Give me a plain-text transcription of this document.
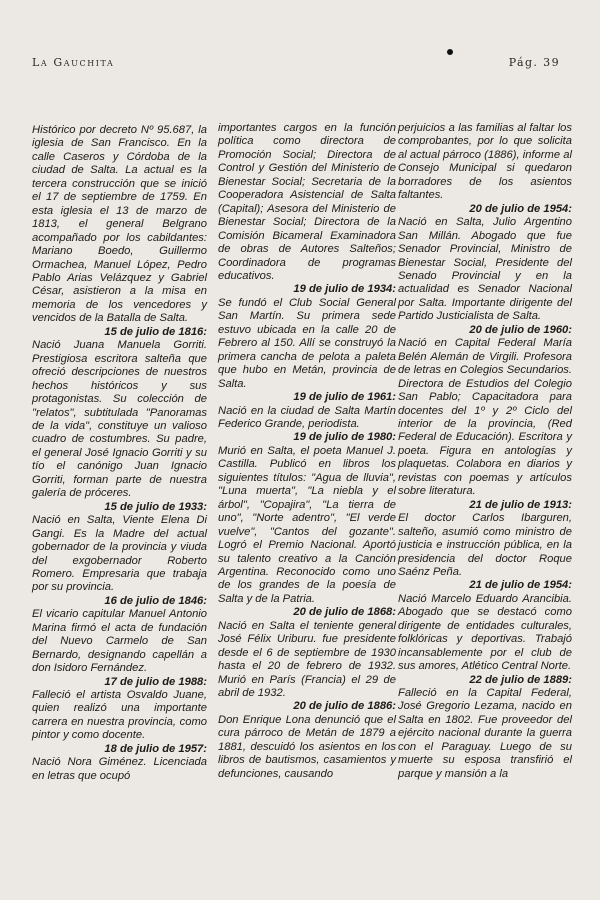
La Gauchita	Pág. 39

Histórico por decreto Nº 95.687, la iglesia de San Francisco. En la calle Caseros y Córdoba de la ciudad de Salta. La actual es la tercera construcción que se inició el 17 de septiembre de 1759. En esta iglesia el 13 de marzo de 1813, el general Belgrano acompañado por los cabildantes: Mariano Boedo, Guillermo Ormachea, Manuel López, Pedro Pablo Arias Velázquez y Gabriel César, asistieron a la misa en memoria de los vencedores y vencidos de la Batalla de Salta.

15 de julio de 1816:

Nació Juana Manuela Gorriti. Prestigiosa escritora salteña que ofreció descripciones de nuestros hechos históricos y sus protagonistas. Su colección de "relatos", subtitulada "Panoramas de la vida", constituye un valioso cuadro de costumbres. Su padre, el general José Ignacio Gorriti y su tío el canónigo Juan Ignacio Gorriti, forman parte de nuestra galería de próceres.

15 de julio de 1933:

Nació en Salta, Viente Elena Di Gangi. Es la Madre del actual gobernador de la provincia y viuda del exgobernador Roberto Romero. Empresaria que trabaja por su provincia.

16 de julio de 1846:

El vicario capitular Manuel Antonio Marina firmó el acta de fundación del Nuevo Carmelo de San Bernardo, designando capellán a don Isidoro Fernández.

17 de julio de 1988:

Falleció el artista Osvaldo Juane, quien realizó una importante carrera en nuestra provincia, como pintor y como docente.

18 de julio de 1957:

Nació Nora Giménez. Licenciada en letras que ocupó

importantes cargos en la función política como directora de Promoción Social; Directora de Control y Gestión del Ministerio de Bienestar Social; Secretaria de la Cooperadora Asistencial de Salta (Capital); Asesora del Ministerio de Bienestar Social; Directora de la Comisión Bicameral Examinadora de obras de Autores Salteños; Coordinadora de programas educativos.

19 de julio de 1934:

Se fundó el Club Social General San Martín. Su primera sede estuvo ubicada en la calle 20 de Febrero al 150. Allí se construyó la primera cancha de pelota a paleta que hubo en Metán, provincia de Salta.

19 de julio de 1961:

Nació en la ciudad de Salta Martín Federico Grande, periodista.

19 de julio de 1980:

Murió en Salta, el poeta Manuel J. Castilla. Publicó en libros los siguientes títulos: "Agua de lluvia", "Luna muerta", "La niebla y el árbol", "Copajira", "La tierra de uno", "Norte adentro", "El verde vuelve", "Cantos del gozante". Logró el Premio Nacional. Aportó su talento creativo a la Canción Argentina. Reconocido como uno de los grandes de la poesía de Salta y de la Patria.

20 de julio de 1868:

Nació en Salta el teniente general José Félix Uriburu. fue presidente desde el 6 de septiembre de 1930 hasta el 20 de febrero de 1932. Murió en París (Francia) el 29 de abril de 1932.

20 de julio de 1886:

Don Enrique Lona denunció que el cura párroco de Metán de 1879 a 1881, descuidó los asientos en los libros de bautismos, casamientos y defunciones, causando

perjuicios a las familias al faltar los comprobantes, por lo que solicita al actual párroco (1886), informe al Consejo Municipal si quedaron borradores de los asientos faltantes.

20 de julio de 1954:

Nació en Salta, Julio Argentino San Millán. Abogado que fue Senador Provincial, Ministro de Bienestar Social, Presidente del Senado Provincial y en la actualidad es Senador Nacional por Salta. Importante dirigente del Partido Justicialista de Salta.

20 de julio de 1960:

Nació en Capital Federal María Belén Alemán de Virgili. Profesora de letras en Colegios Secundarios. Directora de Estudios del Colegio San Pablo; Capacitadora para docentes del 1º y 2º Ciclo del interior de la provincia, (Red Federal de Educación). Escritora y poeta. Figura en antologías y plaquetas. Colabora en diarios y revistas con poemas y artículos sobre literatura.

21 de julio de 1913:

El doctor Carlos Ibarguren, salteño, asumió como ministro de justicia e instrucción pública, en la presidencia del doctor Roque Saénz Peña.

21 de julio de 1954:

Nació Marcelo Eduardo Arancibia. Abogado que se destacó como dirigente de entidades culturales, folklóricas y deportivas. Trabajó incansablemente por el club de sus amores, Atlético Central Norte.

22 de julio de 1889:

Falleció en la Capital Federal, José Gregorio Lezama, nacido en Salta en 1802. Fue proveedor del ejército nacional durante la guerra con el Paraguay. Luego de su muerte su esposa transfirió el parque y mansión a la
